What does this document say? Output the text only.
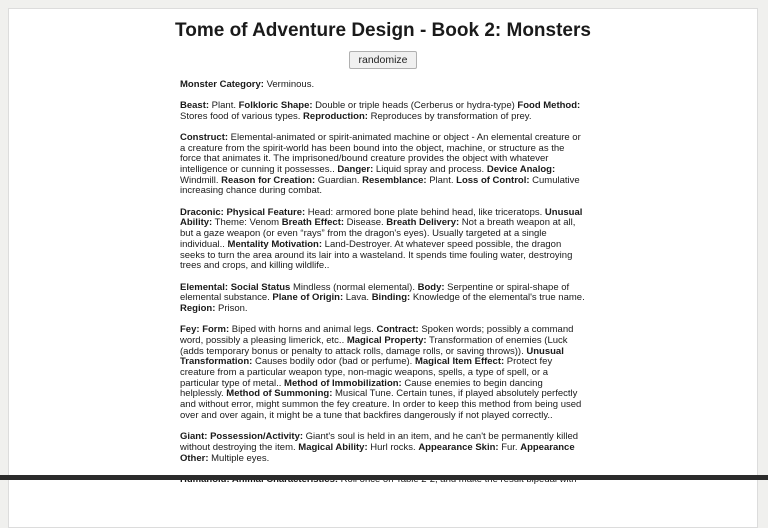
Tome of Adventure Design - Book 2: Monsters
randomize

Monster Category: Verminous.

Beast: Plant. Folkloric Shape: Double or triple heads (Cerberus or hydra-type) Food Method: Stores food of various types. Reproduction: Reproduces by transformation of prey.

Construct: Elemental-animated or spirit-animated machine or object - An elemental creature or a creature from the spirit-world has been bound into the object, machine, or structure as the force that animates it. The imprisoned/bound creature provides the object with whatever intelligence or cunning it possesses.. Danger: Liquid spray and process. Device Analog: Windmill. Reason for Creation: Guardian. Resemblance: Plant. Loss of Control: Cumulative increasing chance during combat.

Draconic: Physical Feature: Head: armored bone plate behind head, like triceratops. Unusual Ability: Theme: Venom Breath Effect: Disease. Breath Delivery: Not a breath weapon at all, but a gaze weapon (or even “rays” from the dragon's eyes). Usually targeted at a single individual.. Mentality Motivation: Land-Destroyer. At whatever speed possible, the dragon seeks to turn the area around its lair into a wasteland. It spends time fouling water, destroying trees and crops, and killing wildlife..

Elemental: Social Status Mindless (normal elemental). Body: Serpentine or spiral-shape of elemental substance. Plane of Origin: Lava. Binding: Knowledge of the elemental's true name. Region: Prison.

Fey: Form: Biped with horns and animal legs. Contract: Spoken words; possibly a command word, possibly a pleasing limerick, etc.. Magical Property: Transformation of enemies (Luck (adds temporary bonus or penalty to attack rolls, damage rolls, or saving throws)). Unusual Transformation: Causes bodily odor (bad or perfume). Magical Item Effect: Protect fey creature from a particular weapon type, non-magic weapons, spells, a type of spell, or a particular type of metal.. Method of Immobilization: Cause enemies to begin dancing helplessly. Method of Summoning: Musical Tune. Certain tunes, if played absolutely perfectly and without error, might summon the fey creature. In order to keep this method from being used over and over again, it might be a tune that backfires dangerously if not played correctly..

Giant: Possession/Activity: Giant's soul is held in an item, and he can't be permanently killed without destroying the item. Magical Ability: Hurl rocks. Appearance Skin: Fur. Appearance Other: Multiple eyes.
